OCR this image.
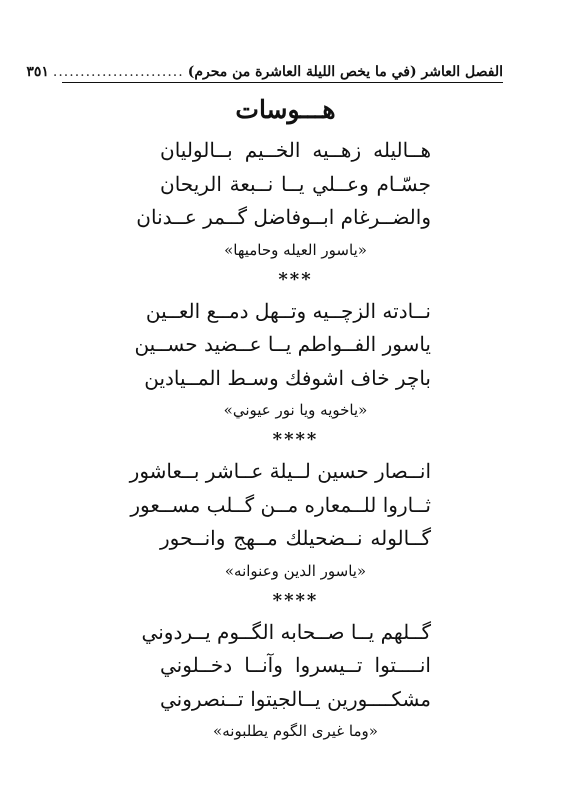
الفصل العاشر (في ما يخص الليلة العاشرة من محرم)
........................
٣٥١
هـــوسات
هــاليله زهــيه الخــيم بــالوليان
جسّـام وعــلي يــا نــبعة الريحان
والضــرغام ابــوفاضل گــمر عــدنان
«ياسور العيله وحاميها»
***
نــادته الزچــيه وتــهل دمــع العــين
ياسور الفــواطم يــا عــضيد حســين
باچر خاف اشوفك وسـط المــيادين
«ياخويه ويا نور عيوني»
****
انــصار حسين لــيلة عــاشر بــعاشور
ثــاروا للــمعاره مــن گــلب مســعور
گــالوله نــضحيلك مــهج وانــحور
«ياسور الدين وعنوانه»
****
گــلهم يــا صــحابه الگــوم يــردوني
انــــتوا تــيسروا وآنــا دخــلوني
مشكــــورين يــالجيتوا تــنصروني
«وما غيرى الگوم يطلبونه»
